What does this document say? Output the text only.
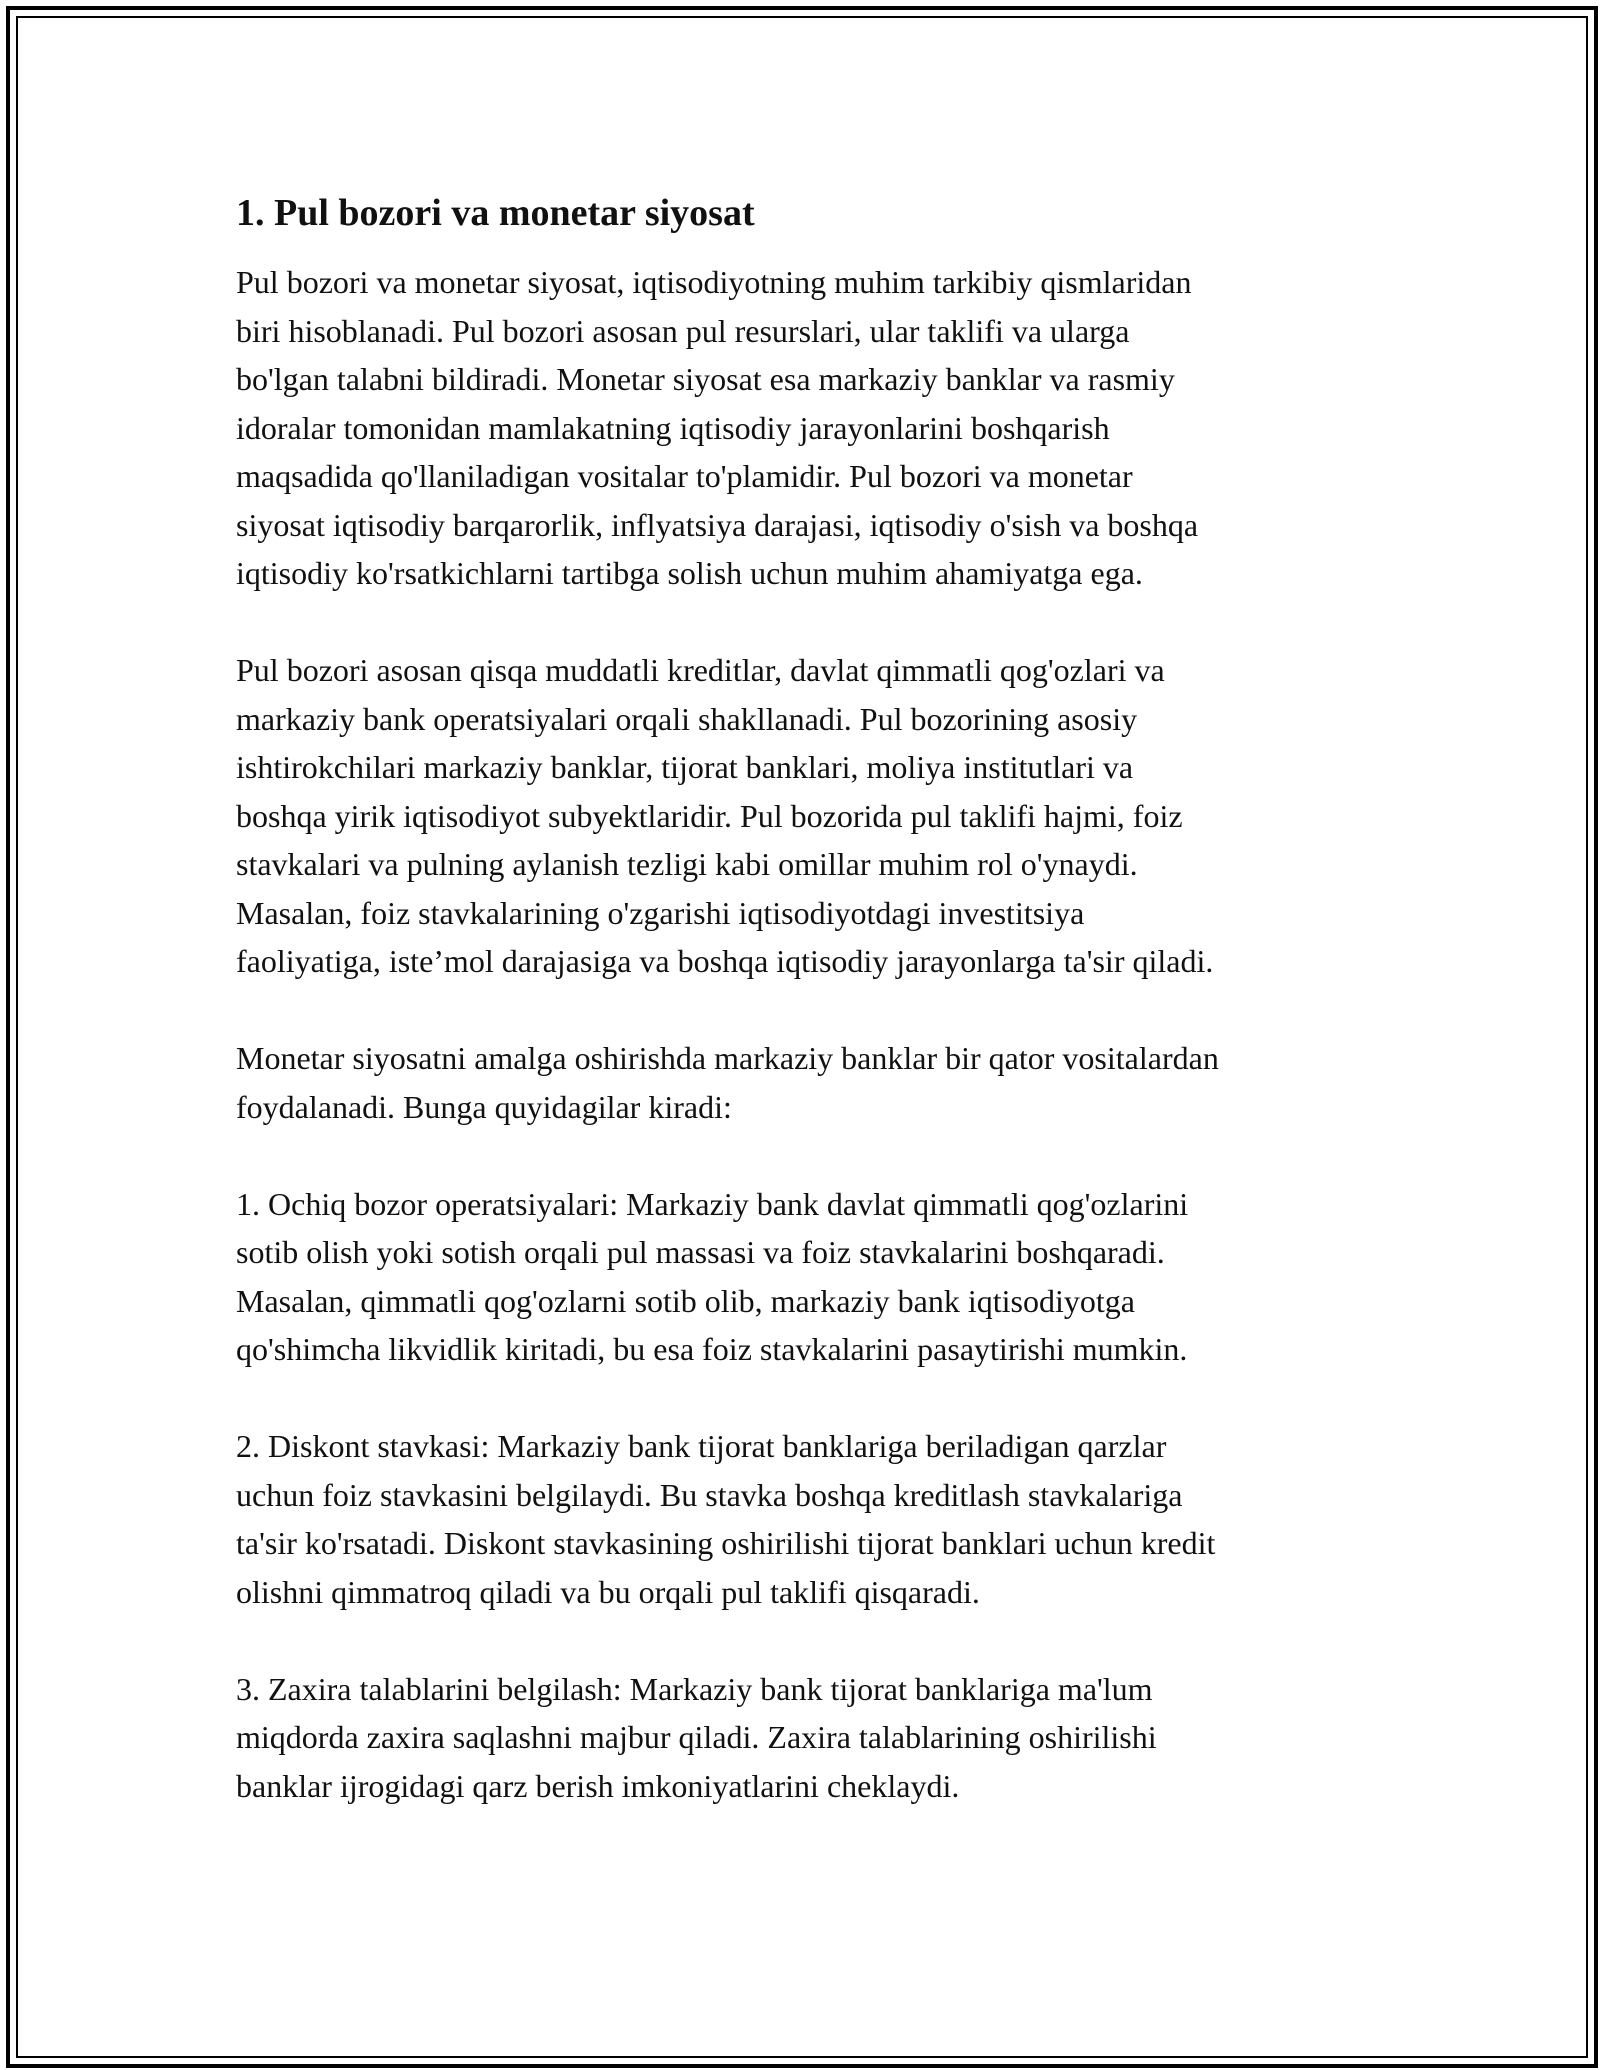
1. Pul bozori va monetar siyosat

Pul bozori va monetar siyosat, iqtisodiyotning muhim tarkibiy qismlaridan
biri hisoblanadi. Pul bozori asosan pul resurslari, ular taklifi va ularga
bo'lgan talabni bildiradi. Monetar siyosat esa markaziy banklar va rasmiy
idoralar tomonidan mamlakatning iqtisodiy jarayonlarini boshqarish
maqsadida qo'llaniladigan vositalar to'plamidir. Pul bozori va monetar
siyosat iqtisodiy barqarorlik, inflyatsiya darajasi, iqtisodiy o'sish va boshqa
iqtisodiy ko'rsatkichlarni tartibga solish uchun muhim ahamiyatga ega.

Pul bozori asosan qisqa muddatli kreditlar, davlat qimmatli qog'ozlari va
markaziy bank operatsiyalari orqali shakllanadi. Pul bozorining asosiy
ishtirokchilari markaziy banklar, tijorat banklari, moliya institutlari va
boshqa yirik iqtisodiyot subyektlaridir. Pul bozorida pul taklifi hajmi, foiz
stavkalari va pulning aylanish tezligi kabi omillar muhim rol o'ynaydi.
Masalan, foiz stavkalarining o'zgarishi iqtisodiyotdagi investitsiya
faoliyatiga, iste’mol darajasiga va boshqa iqtisodiy jarayonlarga ta'sir qiladi.

Monetar siyosatni amalga oshirishda markaziy banklar bir qator vositalardan
foydalanadi. Bunga quyidagilar kiradi:

1. Ochiq bozor operatsiyalari: Markaziy bank davlat qimmatli qog'ozlarini
sotib olish yoki sotish orqali pul massasi va foiz stavkalarini boshqaradi.
Masalan, qimmatli qog'ozlarni sotib olib, markaziy bank iqtisodiyotga
qo'shimcha likvidlik kiritadi, bu esa foiz stavkalarini pasaytirishi mumkin.

2. Diskont stavkasi: Markaziy bank tijorat banklariga beriladigan qarzlar
uchun foiz stavkasini belgilaydi. Bu stavka boshqa kreditlash stavkalariga
ta'sir ko'rsatadi. Diskont stavkasining oshirilishi tijorat banklari uchun kredit
olishni qimmatroq qiladi va bu orqali pul taklifi qisqaradi.

3. Zaxira talablarini belgilash: Markaziy bank tijorat banklariga ma'lum
miqdorda zaxira saqlashni majbur qiladi. Zaxira talablarining oshirilishi
banklar ijrogidagi qarz berish imkoniyatlarini cheklaydi.
